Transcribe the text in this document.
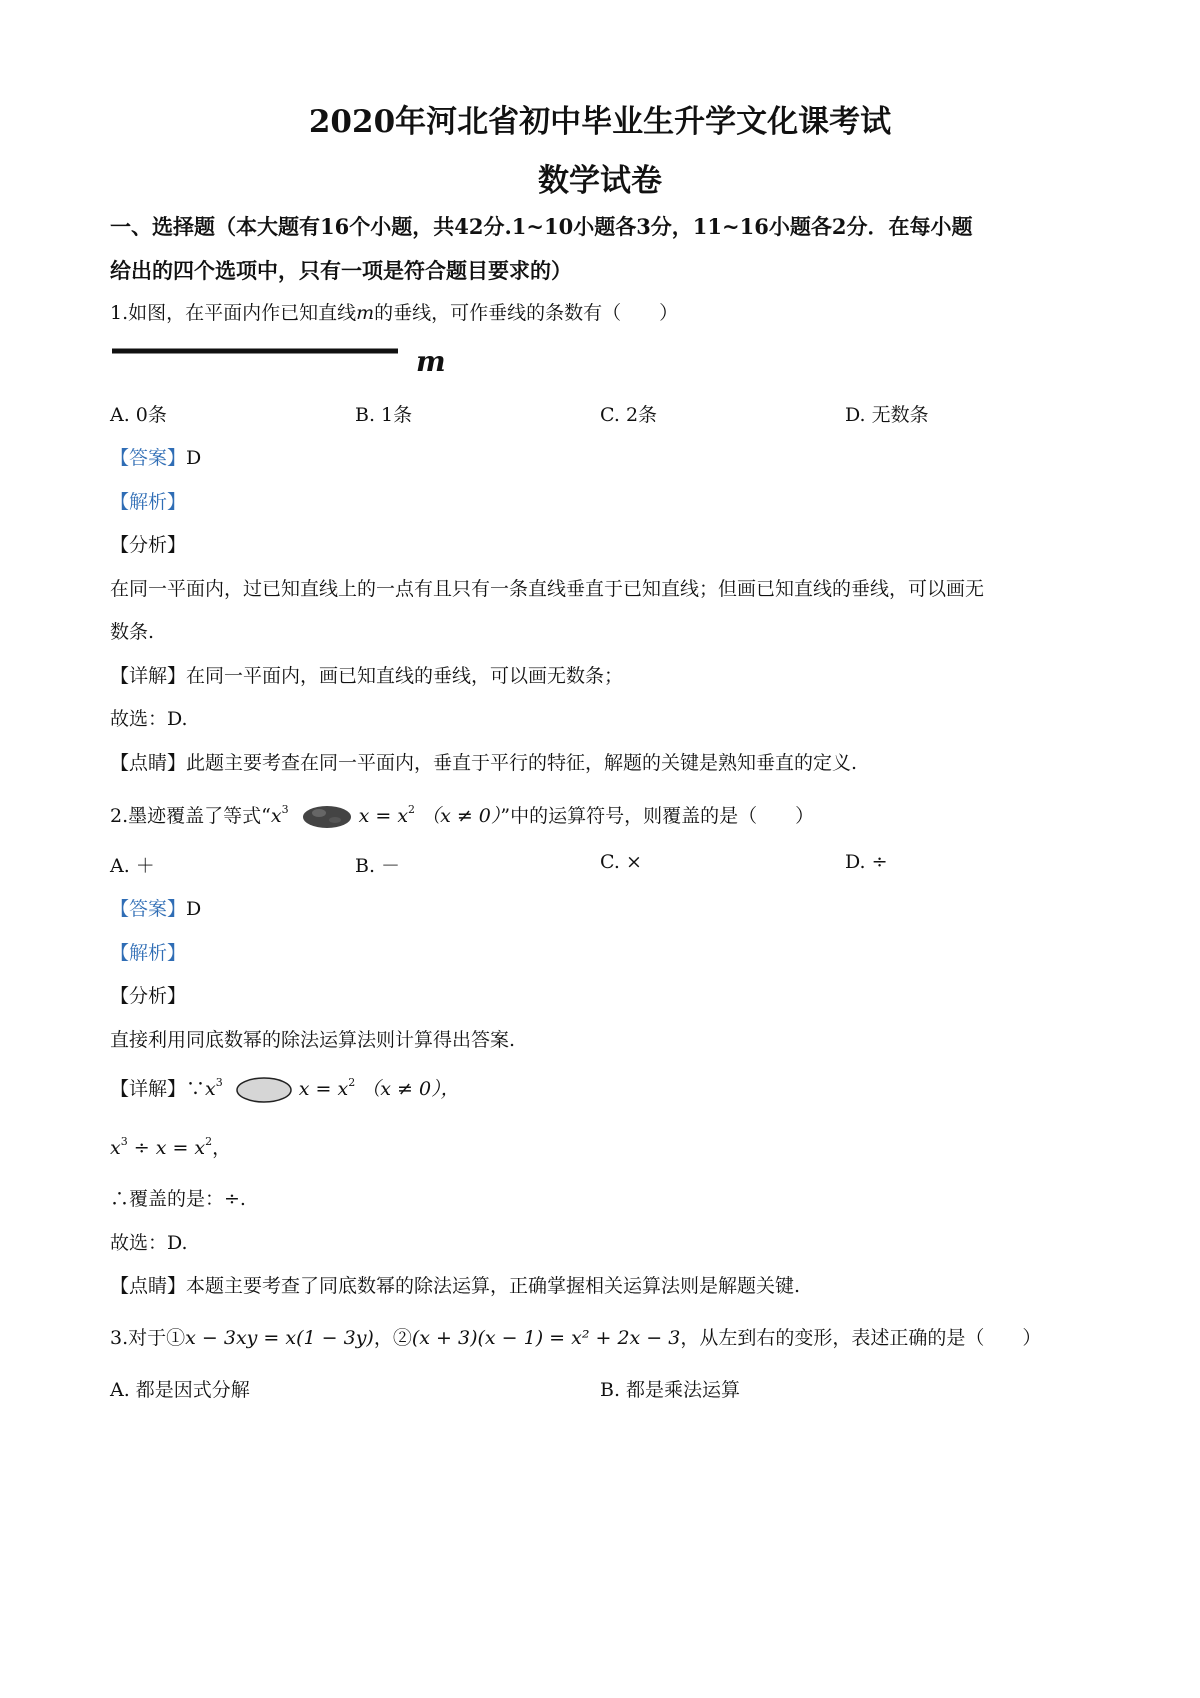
2020年河北省初中毕业生升学文化课考试
数学试卷
一、选择题（本大题有16个小题，共42分.1~10小题各3分，11~16小题各2分．在每小题
给出的四个选项中，只有一项是符合题目要求的）
1.如图，在平面内作已知直线𝑚的垂线，可作垂线的条数有（　　）
m
A. 0条	B. 1条	C. 2条	D. 无数条
【答案】D
【解析】
【分析】
在同一平面内，过已知直线上的一点有且只有一条直线垂直于已知直线；但画已知直线的垂线，可以画无
数条.
【详解】在同一平面内，画已知直线的垂线，可以画无数条；
故选：D.
【点睛】此题主要考查在同一平面内，垂直于平行的特征，解题的关键是熟知垂直的定义.
2.墨迹覆盖了等式“$x^3$	$x = x^2$ （x ≠ 0）”中的运算符号，则覆盖的是（　　）
A. ＋	B. －	C. ×	D. ÷
【答案】D
【解析】
【分析】
直接利用同底数幂的除法运算法则计算得出答案.
【详解】$\because x^3$	$x = x^2$ （x ≠ 0），
$x^3 \div x = x^2$，
∴覆盖的是：÷.
故选：D.
【点睛】本题主要考查了同底数幂的除法运算，正确掌握相关运算法则是解题关键.
3.对于①x − 3xy = x(1 − 3y)，②(x + 3)(x − 1) = x² + 2x − 3，从左到右的变形，表述正确的是（　　）
A. 都是因式分解	B. 都是乘法运算
